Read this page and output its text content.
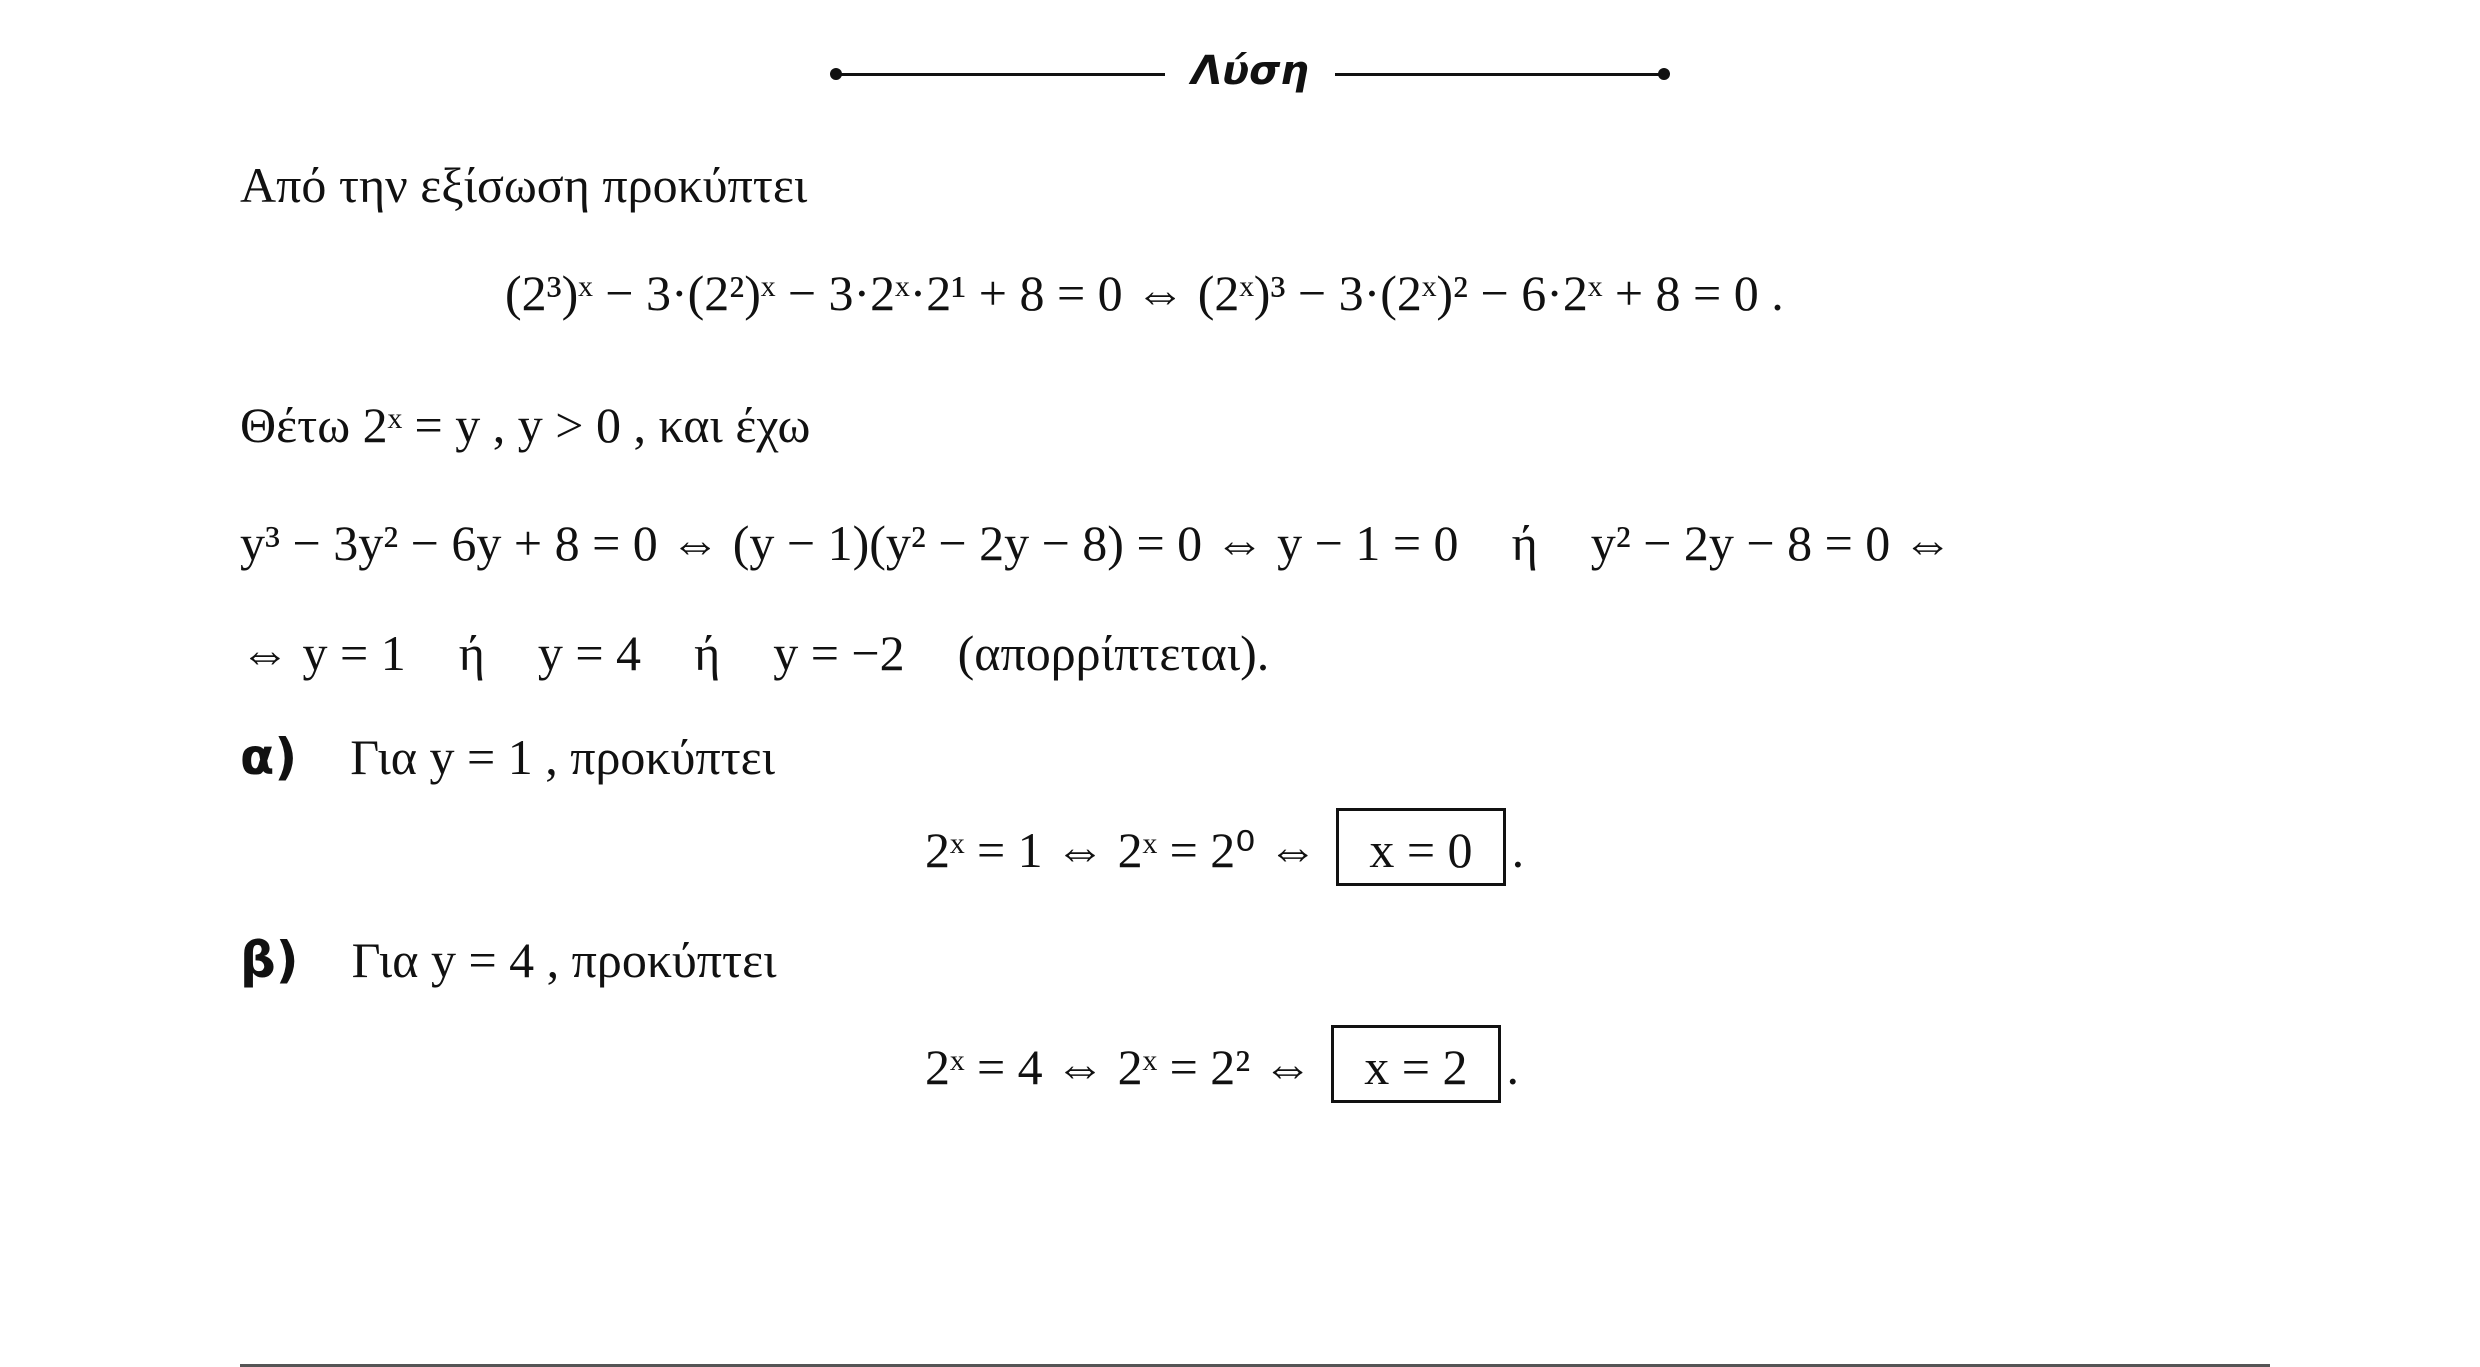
Λύση
Από την εξίσωση προκύπτει
(2³)ˣ − 3·(2²)ˣ − 3·2ˣ·2¹ + 8 = 0 ⇔ (2ˣ)³ − 3·(2ˣ)² − 6·2ˣ + 8 = 0 .
Θέτω 2ˣ = y , y > 0 , και έχω
y³ − 3y² − 6y + 8 = 0 ⇔ (y − 1)(y² − 2y − 8) = 0 ⇔ y − 1 = 0 ή y² − 2y − 8 = 0 ⇔
⇔ y = 1 ή y = 4 ή y = −2 (απορρίπτεται).
α) Για y = 1 , προκύπτει
2ˣ = 1 ⇔ 2ˣ = 2⁰ ⇔ x = 0 .
β) Για y = 4 , προκύπτει
2ˣ = 4 ⇔ 2ˣ = 2² ⇔ x = 2 .
